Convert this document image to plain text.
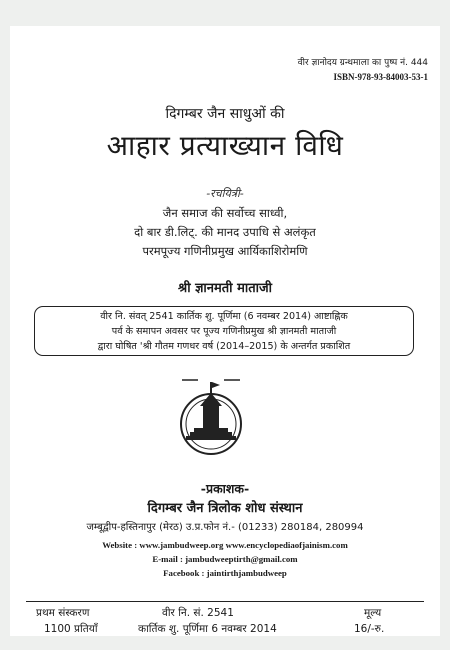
वीर ज्ञानोदय ग्रन्थमाला का पुष्प नं. 444
ISBN-978-93-84003-53-1
दिगम्बर जैन साधुओं की
आहार प्रत्याख्यान विधि
-रचयित्री-
जैन समाज की सर्वोच्च साध्वी,
दो बार डी.लिट्. की मानद उपाधि से अलंकृत
परमपूज्य गणिनीप्रमुख आर्यिकाशिरोमणि
श्री ज्ञानमती माताजी
वीर नि. संवत् 2541 कार्तिक शु. पूर्णिमा (6 नवम्बर 2014) आष्टाह्निक
पर्व के समापन अवसर पर पूज्य गणिनीप्रमुख श्री ज्ञानमती माताजी
द्वारा घोषित 'श्री गौतम गणधर वर्ष (2014–2015) के अन्तर्गत प्रकाशित
-प्रकाशक-
दिगम्बर जैन त्रिलोक शोध संस्थान
जम्बूद्वीप-हस्तिनापुर (मेरठ) उ.प्र.फोन नं.- (01233) 280184, 280994
Website : www.jambudweep.org www.encyclopediaofjainism.com
E-mail : jambudweeptirth@gmail.com
Facebook : jaintirthjambudweep
प्रथम संस्करण
1100 प्रतियाँ
वीर नि. सं. 2541
कार्तिक शु. पूर्णिमा 6 नवम्बर 2014
मूल्य
16/-रु.
